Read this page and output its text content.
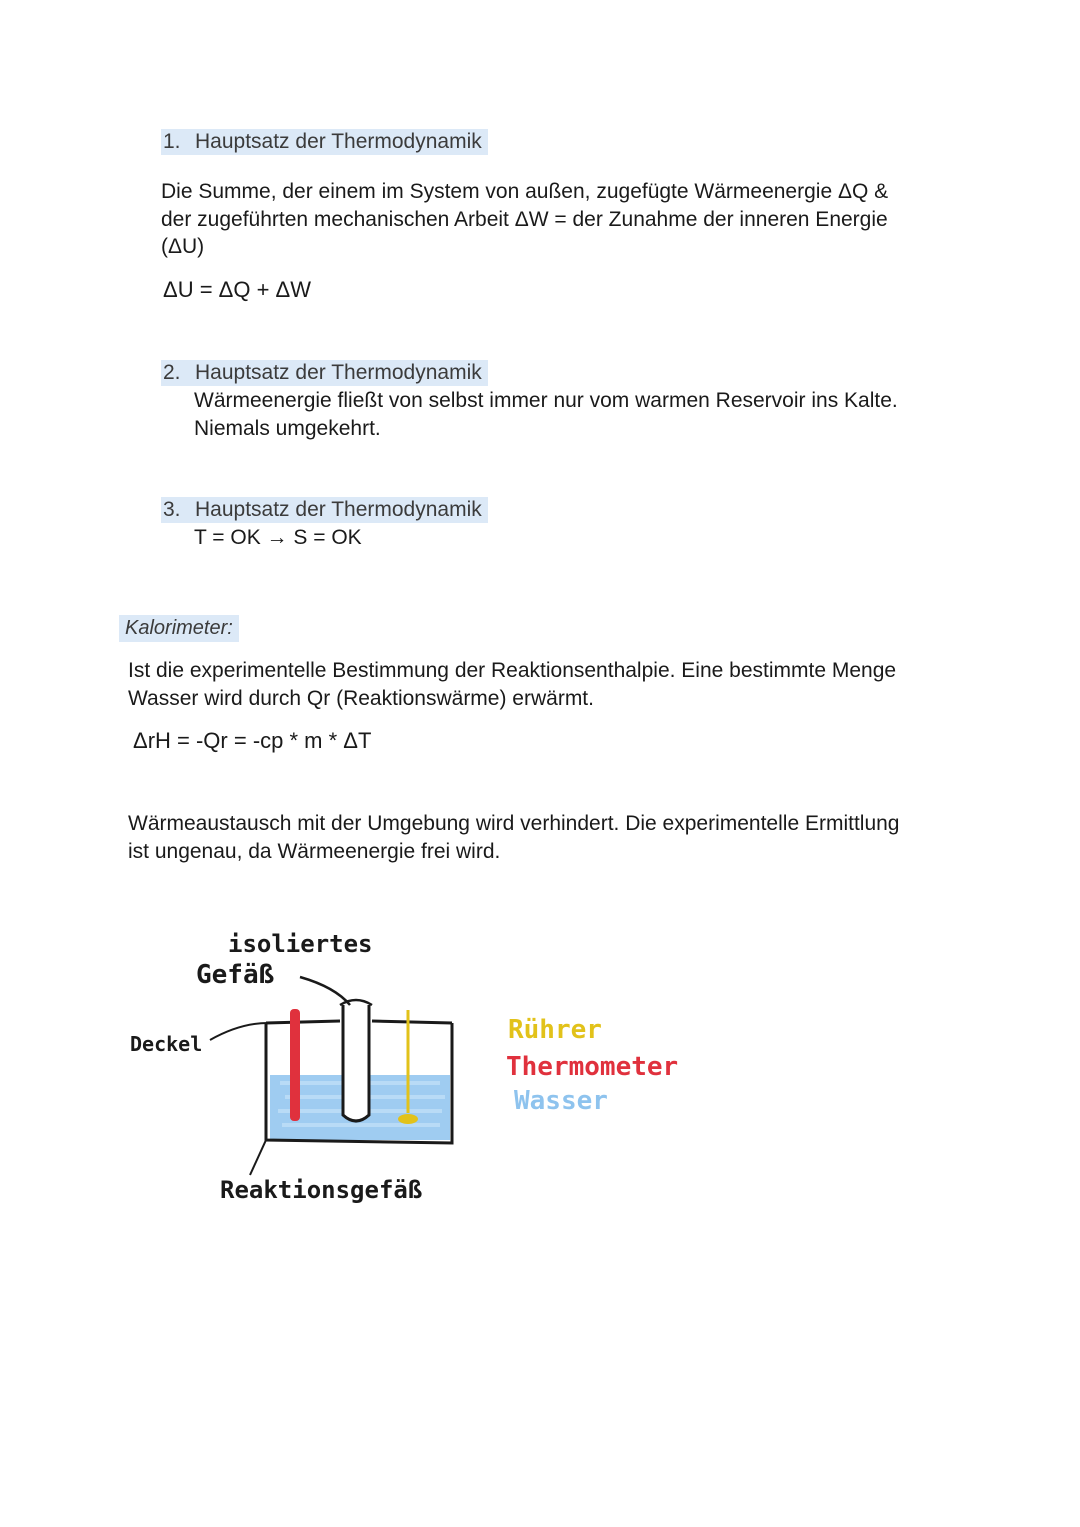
1. Hauptsatz der Thermodynamik
Die Summe, der einem im System von außen, zugefügte Wärmeenergie ΔQ &
der zugeführten mechanischen Arbeit ΔW = der Zunahme der inneren Energie
(ΔU)
ΔU = ΔQ + ΔW
2. Hauptsatz der Thermodynamik
Wärmeenergie fließt von selbst immer nur vom warmen Reservoir ins Kalte.
Niemals umgekehrt.
3. Hauptsatz der Thermodynamik
T = OK → S = OK
Kalorimeter:
Ist die experimentelle Bestimmung der Reaktionsenthalpie. Eine bestimmte Menge
Wasser wird durch Qr (Reaktionswärme) erwärmt.
ΔrH = -Qr = -cp * m * ΔT
Wärmeaustausch mit der Umgebung wird verhindert. Die experimentelle Ermittlung
ist ungenau, da Wärmeenergie frei wird.
isoliertes
Gefäß
Deckel
Reaktionsgefäß
Rührer
Thermometer
Wasser
